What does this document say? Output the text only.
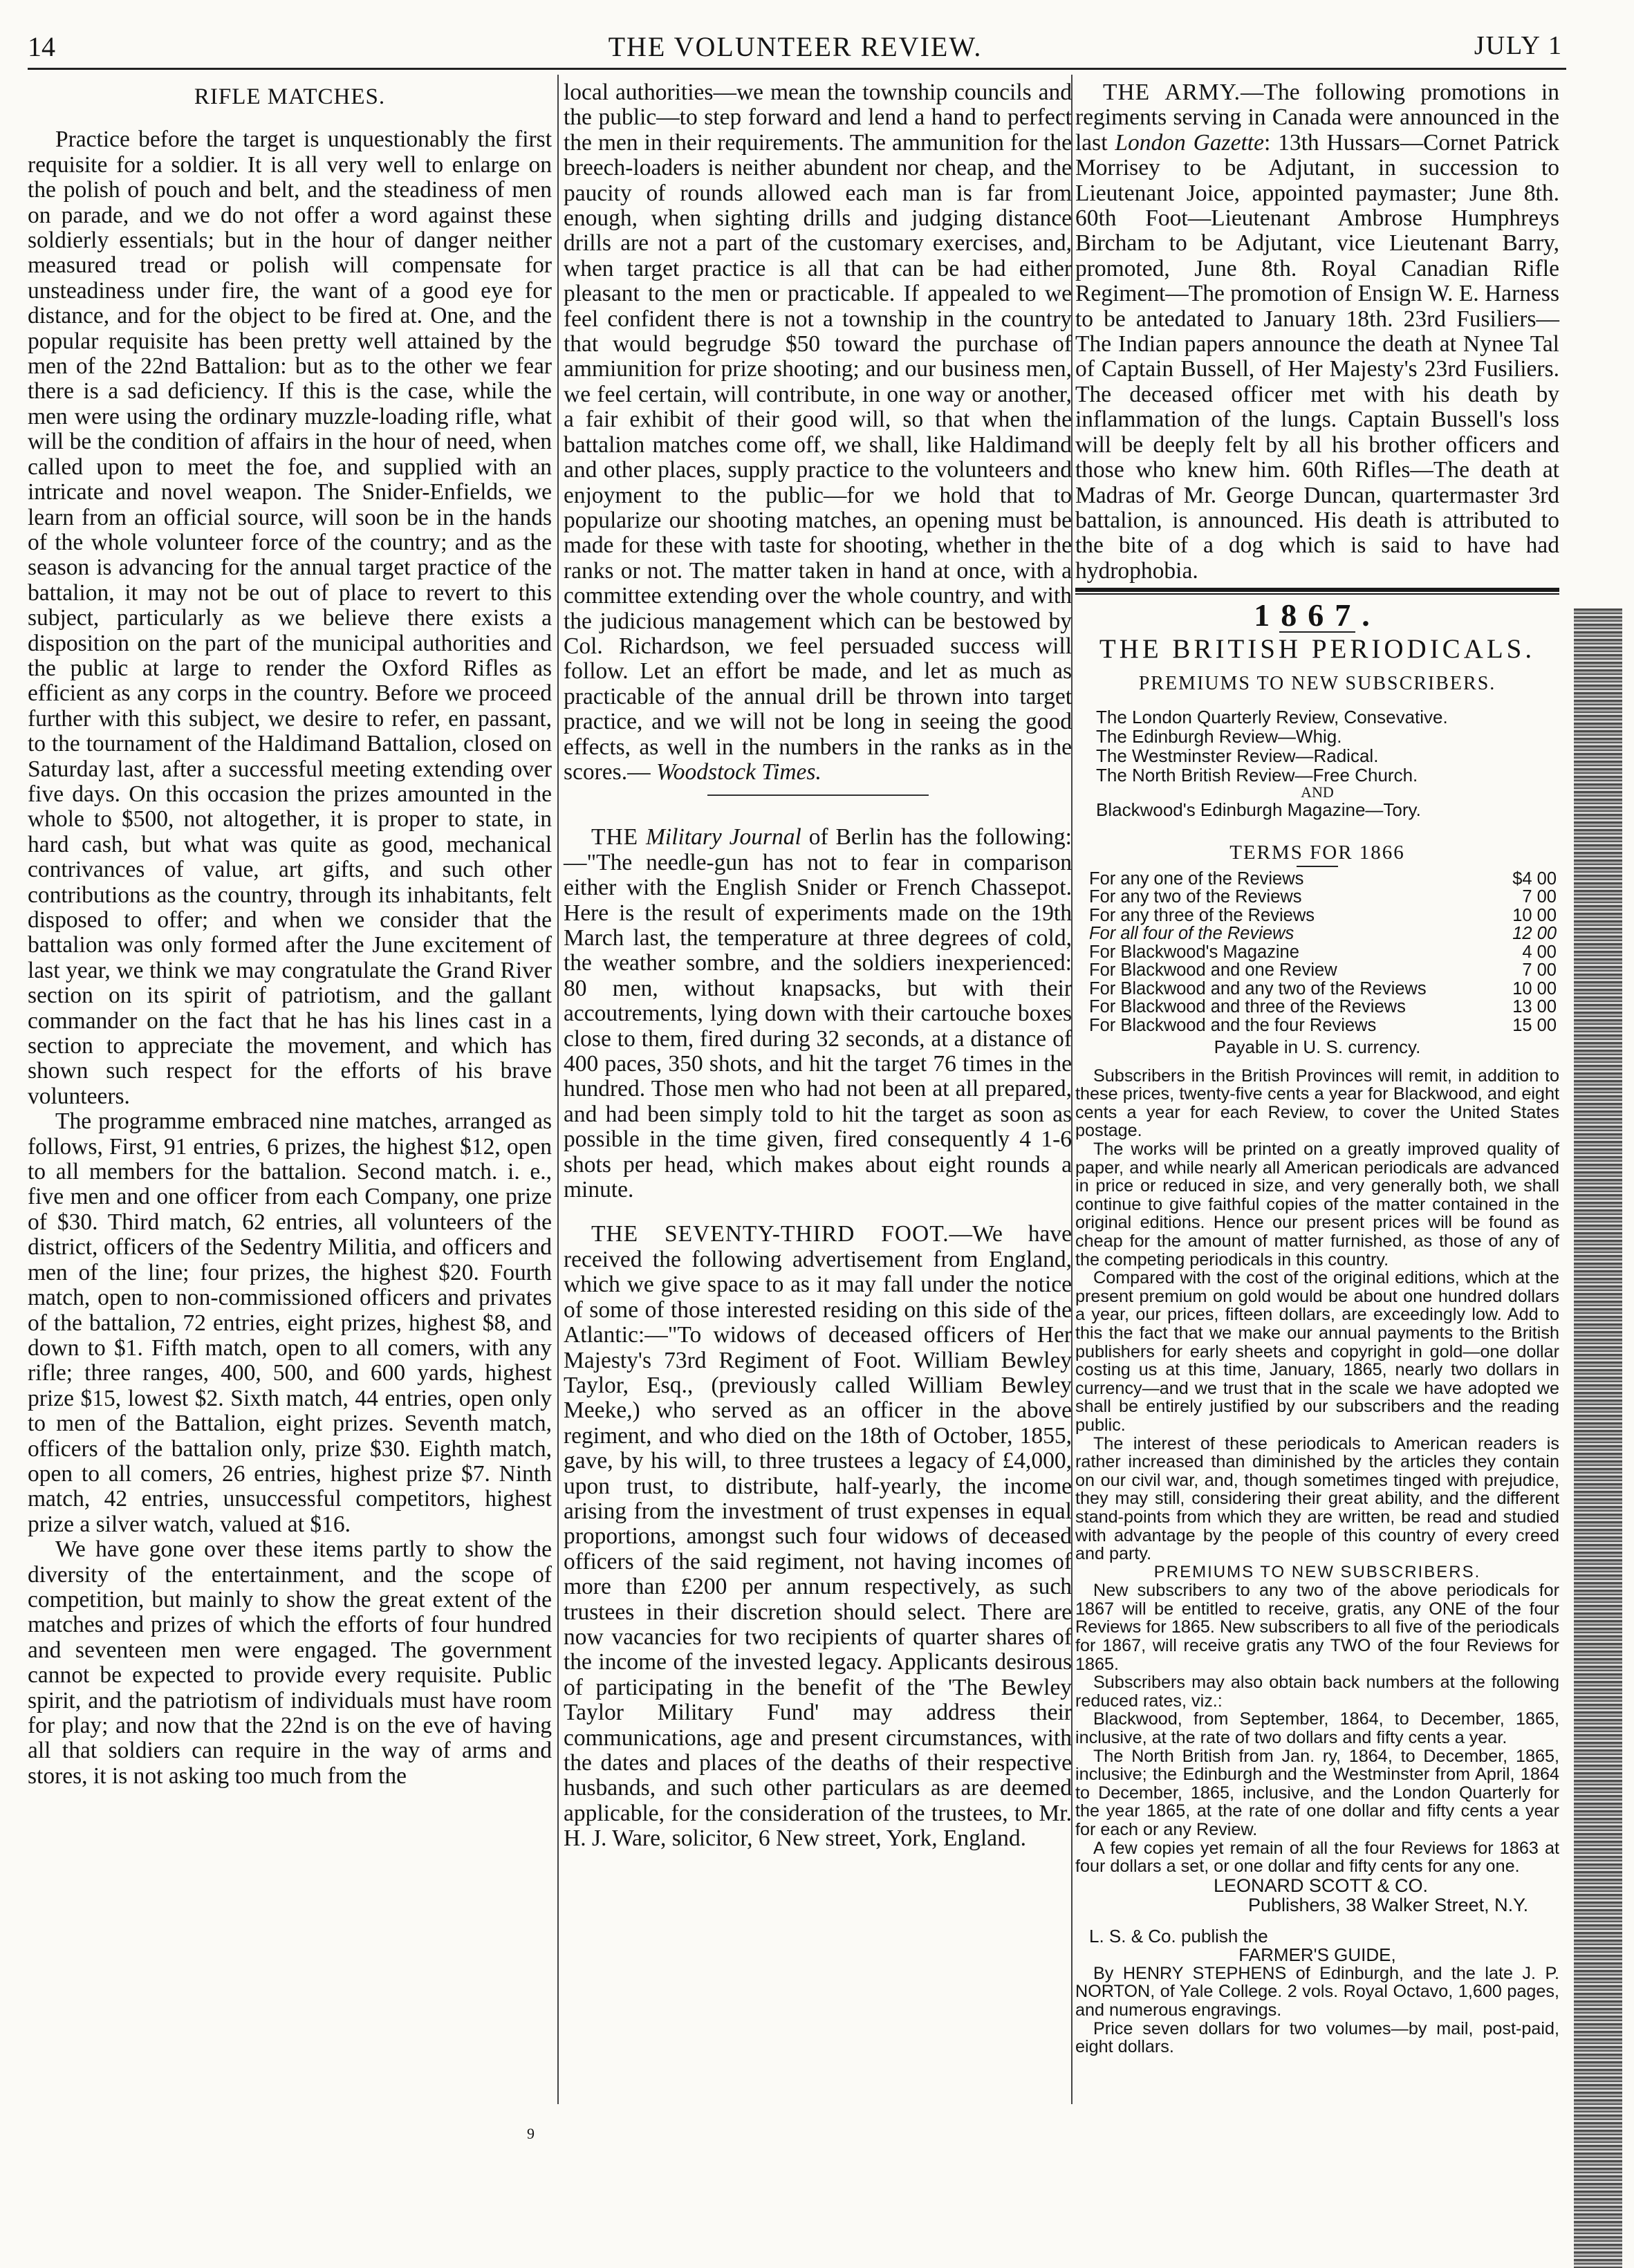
14	THE VOLUNTEER REVIEW.	JULY 1

RIFLE MATCHES.

Practice before the target is unquestionably the first requisite for a soldier. It is all very well to enlarge on the polish of pouch and belt, and the steadiness of men on parade, and we do not offer a word against these soldierly essentials; but in the hour of danger neither measured tread or polish will compensate for unsteadiness under fire, the want of a good eye for distance, and for the object to be fired at. One, and the popular requisite has been pretty well attained by the men of the 22nd Battalion: but as to the other we fear there is a sad deficiency. If this is the case, while the men were using the ordinary muzzle-loading rifle, what will be the condition of affairs in the hour of need, when called upon to meet the foe, and supplied with an intricate and novel weapon. The Snider-Enfields, we learn from an official source, will soon be in the hands of the whole volunteer force of the country; and as the season is advancing for the annual target practice of the battalion, it may not be out of place to revert to this subject, particularly as we believe there exists a disposition on the part of the municipal authorities and the public at large to render the Oxford Rifles as efficient as any corps in the country. Before we proceed further with this subject, we desire to refer, en passant, to the tournament of the Haldimand Battalion, closed on Saturday last, after a successful meeting extending over five days. On this occasion the prizes amounted in the whole to $500, not altogether, it is proper to state, in hard cash, but what was quite as good, mechanical contrivances of value, art gifts, and such other contributions as the country, through its inhabitants, felt disposed to offer; and when we consider that the battalion was only formed after the June excitement of last year, we think we may congratulate the Grand River section on its spirit of patriotism, and the gallant commander on the fact that he has his lines cast in a section to appreciate the movement, and which has shown such respect for the efforts of his brave volunteers.

The programme embraced nine matches, arranged as follows, First, 91 entries, 6 prizes, the highest $12, open to all members for the battalion. Second match. i. e., five men and one officer from each Company, one prize of $30. Third match, 62 entries, all volunteers of the district, officers of the Sedentry Militia, and officers and men of the line; four prizes, the highest $20. Fourth match, open to non-commissioned officers and privates of the battalion, 72 entries, eight prizes, highest $8, and down to $1. Fifth match, open to all comers, with any rifle; three ranges, 400, 500, and 600 yards, highest prize $15, lowest $2. Sixth match, 44 entries, open only to men of the Battalion, eight prizes. Seventh match, officers of the battalion only, prize $30. Eighth match, open to all comers, 26 entries, highest prize $7. Ninth match, 42 entries, unsuccessful competitors, highest prize a silver watch, valued at $16.

We have gone over these items partly to show the diversity of the entertainment, and the scope of competition, but mainly to show the great extent of the matches and prizes of which the efforts of four hundred and seventeen men were engaged. The government cannot be expected to provide every requisite. Public spirit, and the patriotism of individuals must have room for play; and now that the 22nd is on the eve of having all that soldiers can require in the way of arms and stores, it is not asking too much from the

local authorities—we mean the township councils and the public—to step forward and lend a hand to perfect the men in their requirements. The ammunition for the breech-loaders is neither abundent nor cheap, and the paucity of rounds allowed each man is far from enough, when sighting drills and judging distance drills are not a part of the customary exercises, and, when target practice is all that can be had either pleasant to the men or practicable. If appealed to we feel confident there is not a township in the country that would begrudge $50 toward the purchase of ammiunition for prize shooting; and our business men, we feel certain, will contribute, in one way or another, a fair exhibit of their good will, so that when the battalion matches come off, we shall, like Haldimand and other places, supply practice to the volunteers and enjoyment to the public—for we hold that to popularize our shooting matches, an opening must be made for these with taste for shooting, whether in the ranks or not. The matter taken in hand at once, with a committee extending over the whole country, and with the judicious management which can be bestowed by Col. Richardson, we feel persuaded success will follow. Let an effort be made, and let as much as practicable of the annual drill be thrown into target practice, and we will not be long in seeing the good effects, as well in the numbers in the ranks as in the scores.— Woodstock Times.

THE Military Journal of Berlin has the following:—"The needle-gun has not to fear in comparison either with the English Snider or French Chassepot. Here is the result of experiments made on the 19th March last, the temperature at three degrees of cold, the weather sombre, and the soldiers inexperienced: 80 men, without knapsacks, but with their accoutrements, lying down with their cartouche boxes close to them, fired during 32 seconds, at a distance of 400 paces, 350 shots, and hit the target 76 times in the hundred. Those men who had not been at all prepared, and had been simply told to hit the target as soon as possible in the time given, fired consequently 4 1-6 shots per head, which makes about eight rounds a minute.

THE SEVENTY-THIRD FOOT.—We have received the following advertisement from England, which we give space to as it may fall under the notice of some of those interested residing on this side of the Atlantic:—"To widows of deceased officers of Her Majesty's 73rd Regiment of Foot. William Bewley Taylor, Esq., (previously called William Bewley Meeke,) who served as an officer in the above regiment, and who died on the 18th of October, 1855, gave, by his will, to three trustees a legacy of £4,000, upon trust, to distribute, half-yearly, the income arising from the investment of trust expenses in equal proportions, amongst such four widows of deceased officers of the said regiment, not having incomes of more than £200 per annum respectively, as such trustees in their discretion should select. There are now vacancies for two recipients of quarter shares of the income of the invested legacy. Applicants desirous of participating in the benefit of the 'The Bewley Taylor Military Fund' may address their communications, age and present circumstances, with the dates and places of the deaths of their respective husbands, and such other particulars as are deemed applicable, for the consideration of the trustees, to Mr. H. J. Ware, solicitor, 6 New street, York, England.

THE ARMY.—The following promotions in regiments serving in Canada were announced in the last London Gazette: 13th Hussars—Cornet Patrick Morrisey to be Adjutant, in succession to Lieutenant Joice, appointed paymaster; June 8th. 60th Foot—Lieutenant Ambrose Humphreys Bircham to be Adjutant, vice Lieutenant Barry, promoted, June 8th. Royal Canadian Rifle Regiment—The promotion of Ensign W. E. Harness to be antedated to January 18th. 23rd Fusiliers—The Indian papers announce the death at Nynee Tal of Captain Bussell, of Her Majesty's 23rd Fusiliers. The deceased officer met with his death by inflammation of the lungs. Captain Bussell's loss will be deeply felt by all his brother officers and those who knew him. 60th Rifles—The death at Madras of Mr. George Duncan, quartermaster 3rd battalion, is announced. His death is attributed to the bite of a dog which is said to have had hydrophobia.

1867.
THE BRITISH PERIODICALS.
PREMIUMS TO NEW SUBSCRIBERS.
The London Quarterly Review, Consevative.
The Edinburgh Review—Whig.
The Westminster Review—Radical.
The North British Review—Free Church.
AND
Blackwood's Edinburgh Magazine—Tory.
TERMS FOR 1866
For any one of the Reviews	$4 00
For any two of the Reviews	7 00
For any three of the Reviews	10 00
For all four of the Reviews	12 00
For Blackwood's Magazine	4 00
For Blackwood and one Review	7 00
For Blackwood and any two of the Reviews	10 00
For Blackwood and three of the Reviews	13 00
For Blackwood and the four Reviews	15 00
Payable in U. S. currency.

Subscribers in the British Provinces will remit, in addition to these prices, twenty-five cents a year for Blackwood, and eight cents a year for each Review, to cover the United States postage.

The works will be printed on a greatly improved quality of paper, and while nearly all American periodicals are advanced in price or reduced in size, and very generally both, we shall continue to give faithful copies of the matter contained in the original editions. Hence our present prices will be found as cheap for the amount of matter furnished, as those of any of the competing periodicals in this country.

Compared with the cost of the original editions, which at the present premium on gold would be about one hundred dollars a year, our prices, fifteen dollars, are exceedingly low. Add to this the fact that we make our annual payments to the British publishers for early sheets and copyright in gold—one dollar costing us at this time, January, 1865, nearly two dollars in currency—and we trust that in the scale we have adopted we shall be entirely justified by our subscribers and the reading public.

The interest of these periodicals to American readers is rather increased than diminished by the articles they contain on our civil war, and, though sometimes tinged with prejudice, they may still, considering their great ability, and the different stand-points from which they are written, be read and studied with advantage by the people of this country of every creed and party.

PREMIUMS TO NEW SUBSCRIBERS.

New subscribers to any two of the above periodicals for 1867 will be entitled to receive, gratis, any ONE of the four Reviews for 1865. New subscribers to all five of the periodicals for 1867, will receive gratis any TWO of the four Reviews for 1865.

Subscribers may also obtain back numbers at the following reduced rates, viz.:

Blackwood, from September, 1864, to December, 1865, inclusive, at the rate of two dollars and fifty cents a year.

The North British from Jan. ry, 1864, to December, 1865, inclusive; the Edinburgh and the Westminster from April, 1864 to December, 1865, inclusive, and the London Quarterly for the year 1865, at the rate of one dollar and fifty cents a year for each or any Review.

A few copies yet remain of all the four Reviews for 1863 at four dollars a set, or one dollar and fifty cents for any one.

LEONARD SCOTT & CO.
Publishers, 38 Walker Street, N.Y.
L. S. & Co. publish the
FARMER'S GUIDE,

By HENRY STEPHENS of Edinburgh, and the late J. P. NORTON, of Yale College. 2 vols. Royal Octavo, 1,600 pages, and numerous engravings.

Price seven dollars for two volumes—by mail, post-paid, eight dollars.

9
